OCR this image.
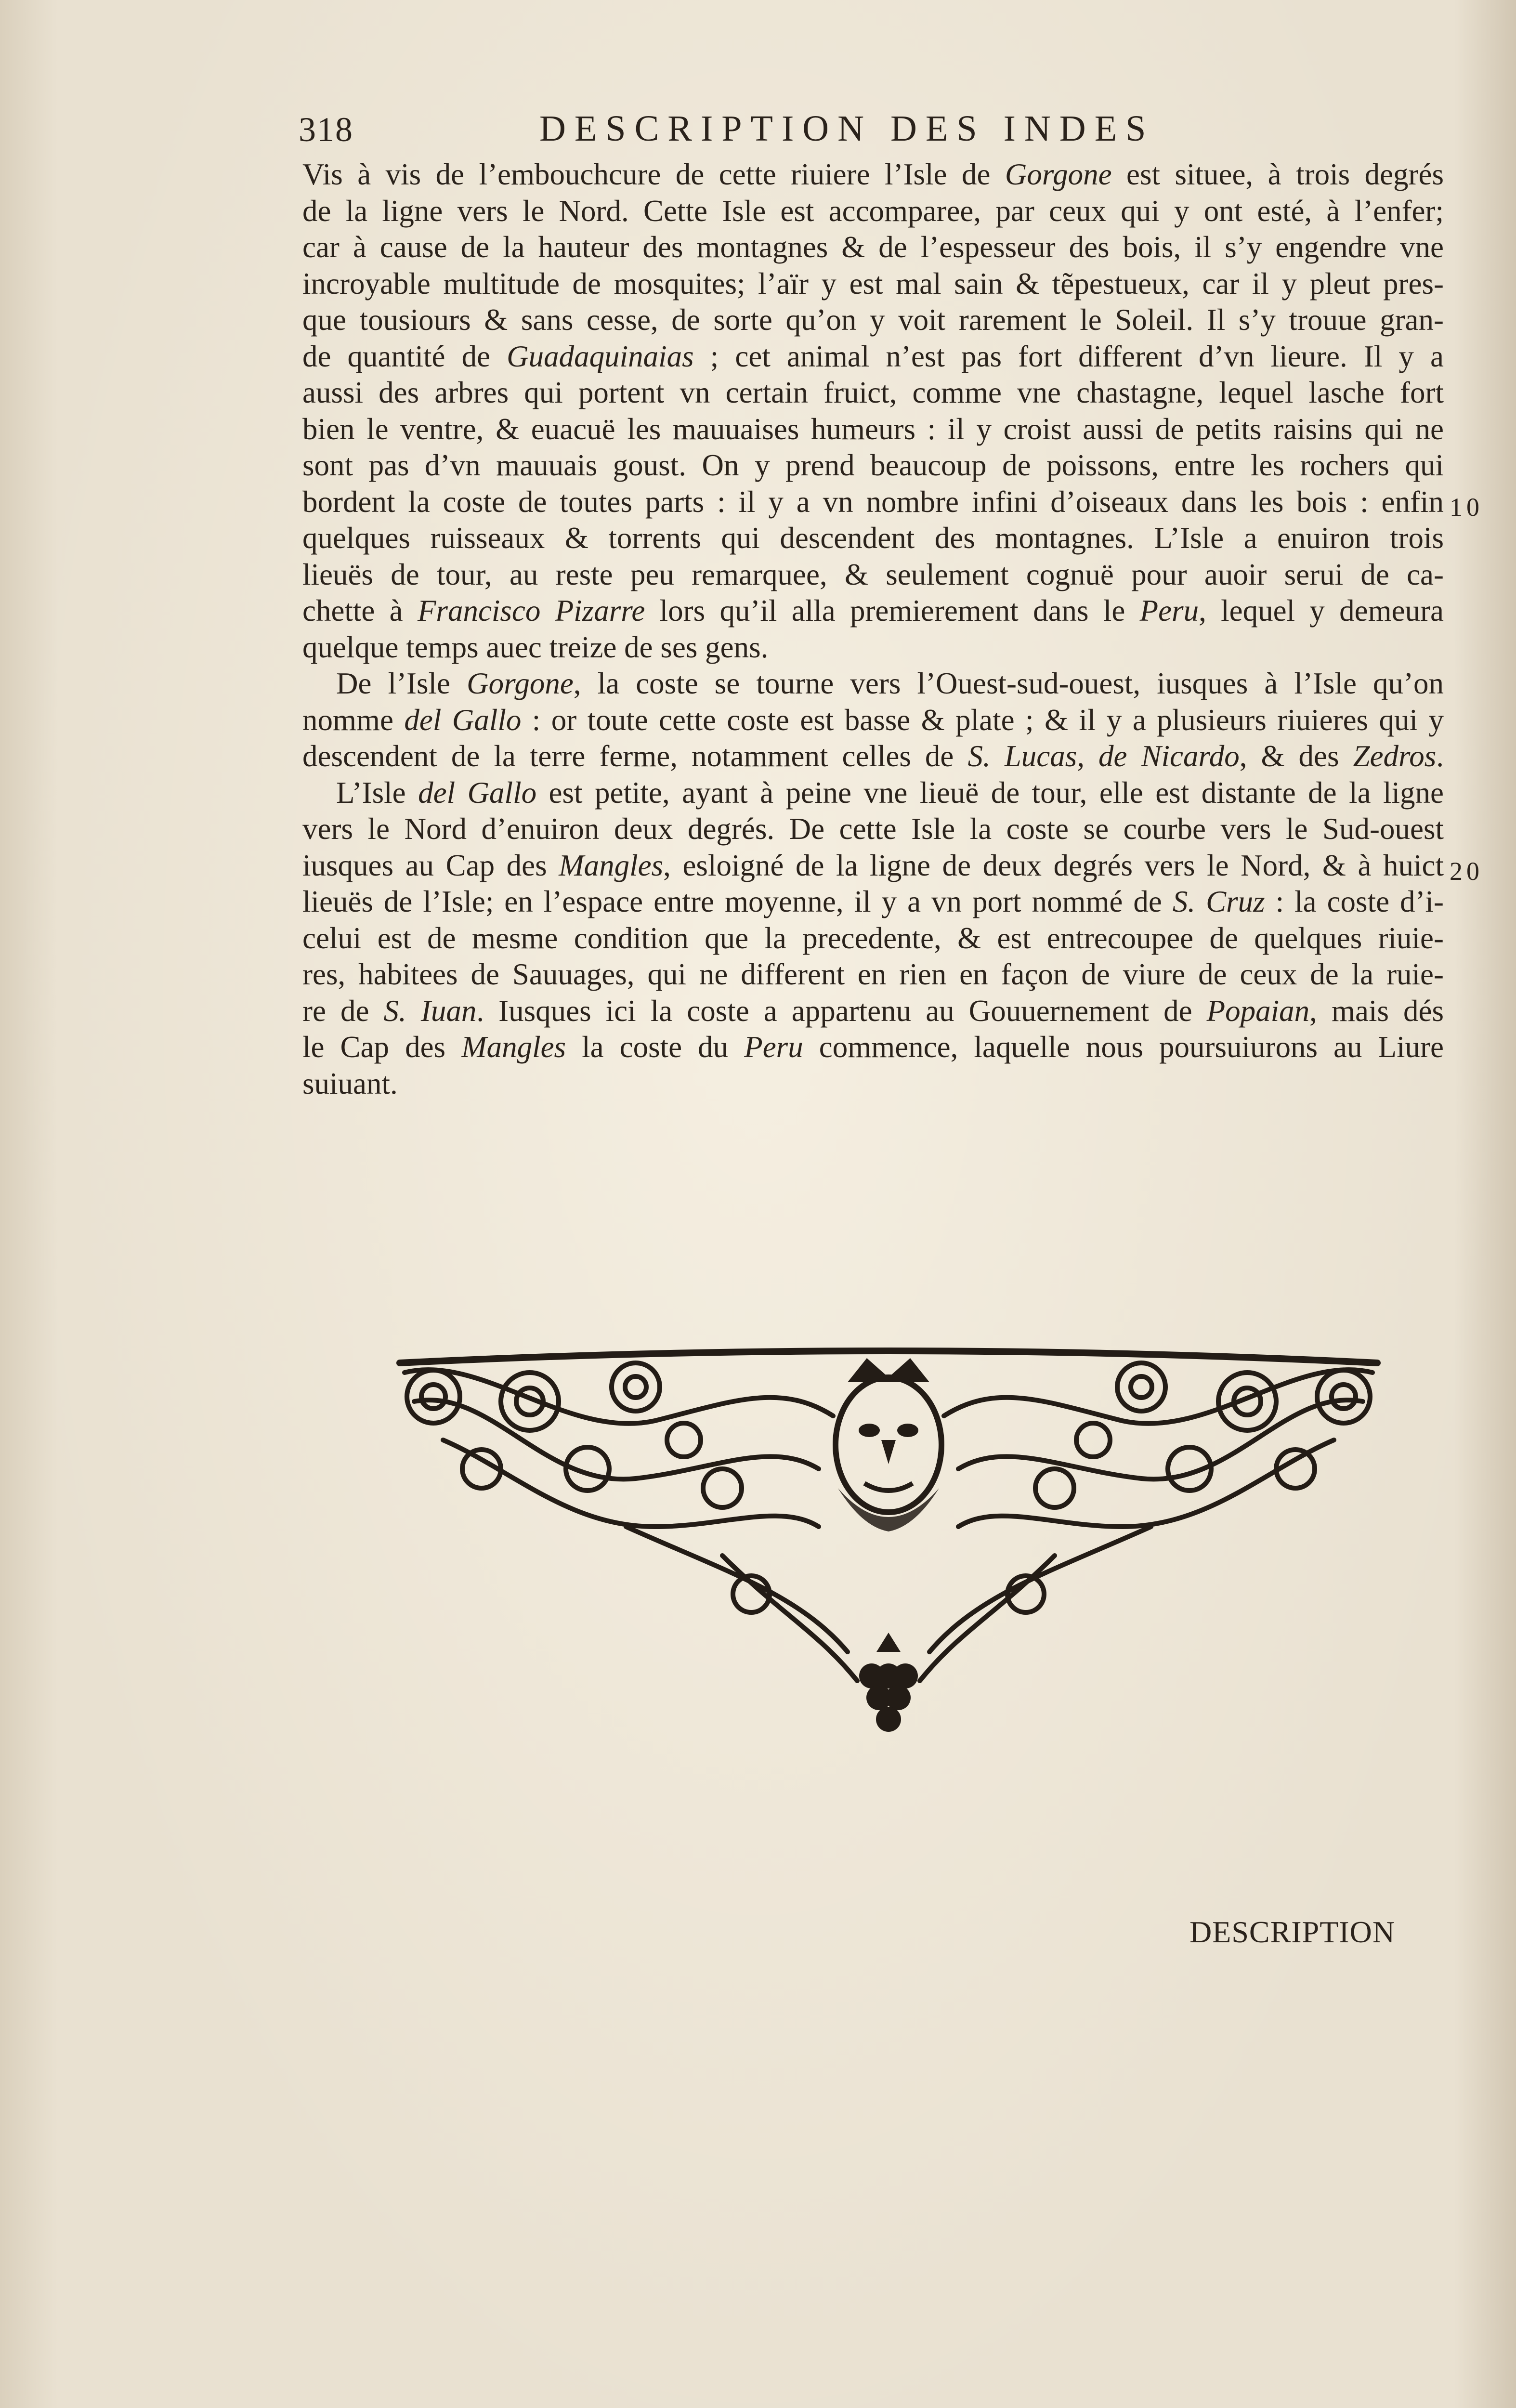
318	DESCRIPTION DES INDES
Vis à vis de l’embouchcure de cette riuiere l’Isle de Gorgone est situee, à trois degrés
de la ligne vers le Nord. Cette Isle est accomparee, par ceux qui y ont esté, à l’enfer;
car à cause de la hauteur des montagnes & de l’espesseur des bois, il s’y engendre vne
incroyable multitude de mosquites; l’aïr y est mal sain & tẽpestueux, car il y pleut pres-
que tousiours & sans cesse, de sorte qu’on y voit rarement le Soleil. Il s’y trouue gran-
de quantité de Guadaquinaias ; cet animal n’est pas fort different d’vn lieure. Il y a
aussi des arbres qui portent vn certain fruict, comme vne chastagne, lequel lasche fort
bien le ventre, & euacuë les mauuaises humeurs : il y croist aussi de petits raisins qui ne
sont pas d’vn mauuais goust. On y prend beaucoup de poissons, entre les rochers qui
bordent la coste de toutes parts : il y a vn nombre infini d’oiseaux dans les bois : enfin
quelques ruisseaux & torrents qui descendent des montagnes. L’Isle a enuiron trois
lieuës de tour, au reste peu remarquee, & seulement cognuë pour auoir serui de ca-
chette à Francisco Pizarre lors qu’il alla premierement dans le Peru, lequel y demeura
quelque temps auec treize de ses gens.
De l’Isle Gorgone, la coste se tourne vers l’Ouest-sud-ouest, iusques à l’Isle qu’on
nomme del Gallo : or toute cette coste est basse & plate ; & il y a plusieurs riuieres qui y
descendent de la terre ferme, notamment celles de S. Lucas, de Nicardo, & des Zedros.
L’Isle del Gallo est petite, ayant à peine vne lieuë de tour, elle est distante de la ligne
vers le Nord d’enuiron deux degrés. De cette Isle la coste se courbe vers le Sud-ouest
iusques au Cap des Mangles, esloigné de la ligne de deux degrés vers le Nord, & à huict
lieuës de l’Isle; en l’espace entre moyenne, il y a vn port nommé de S. Cruz : la coste d’i-
celui est de mesme condition que la precedente, & est entrecoupee de quelques riuie-
res, habitees de Sauuages, qui ne different en rien en façon de viure de ceux de la ruie-
re de S. Iuan. Iusques ici la coste a appartenu au Gouuernement de Popaian, mais dés
le Cap des Mangles la coste du Peru commence, laquelle nous poursuiurons au Liure
suiuant.
10
20
DESCRIPTION
